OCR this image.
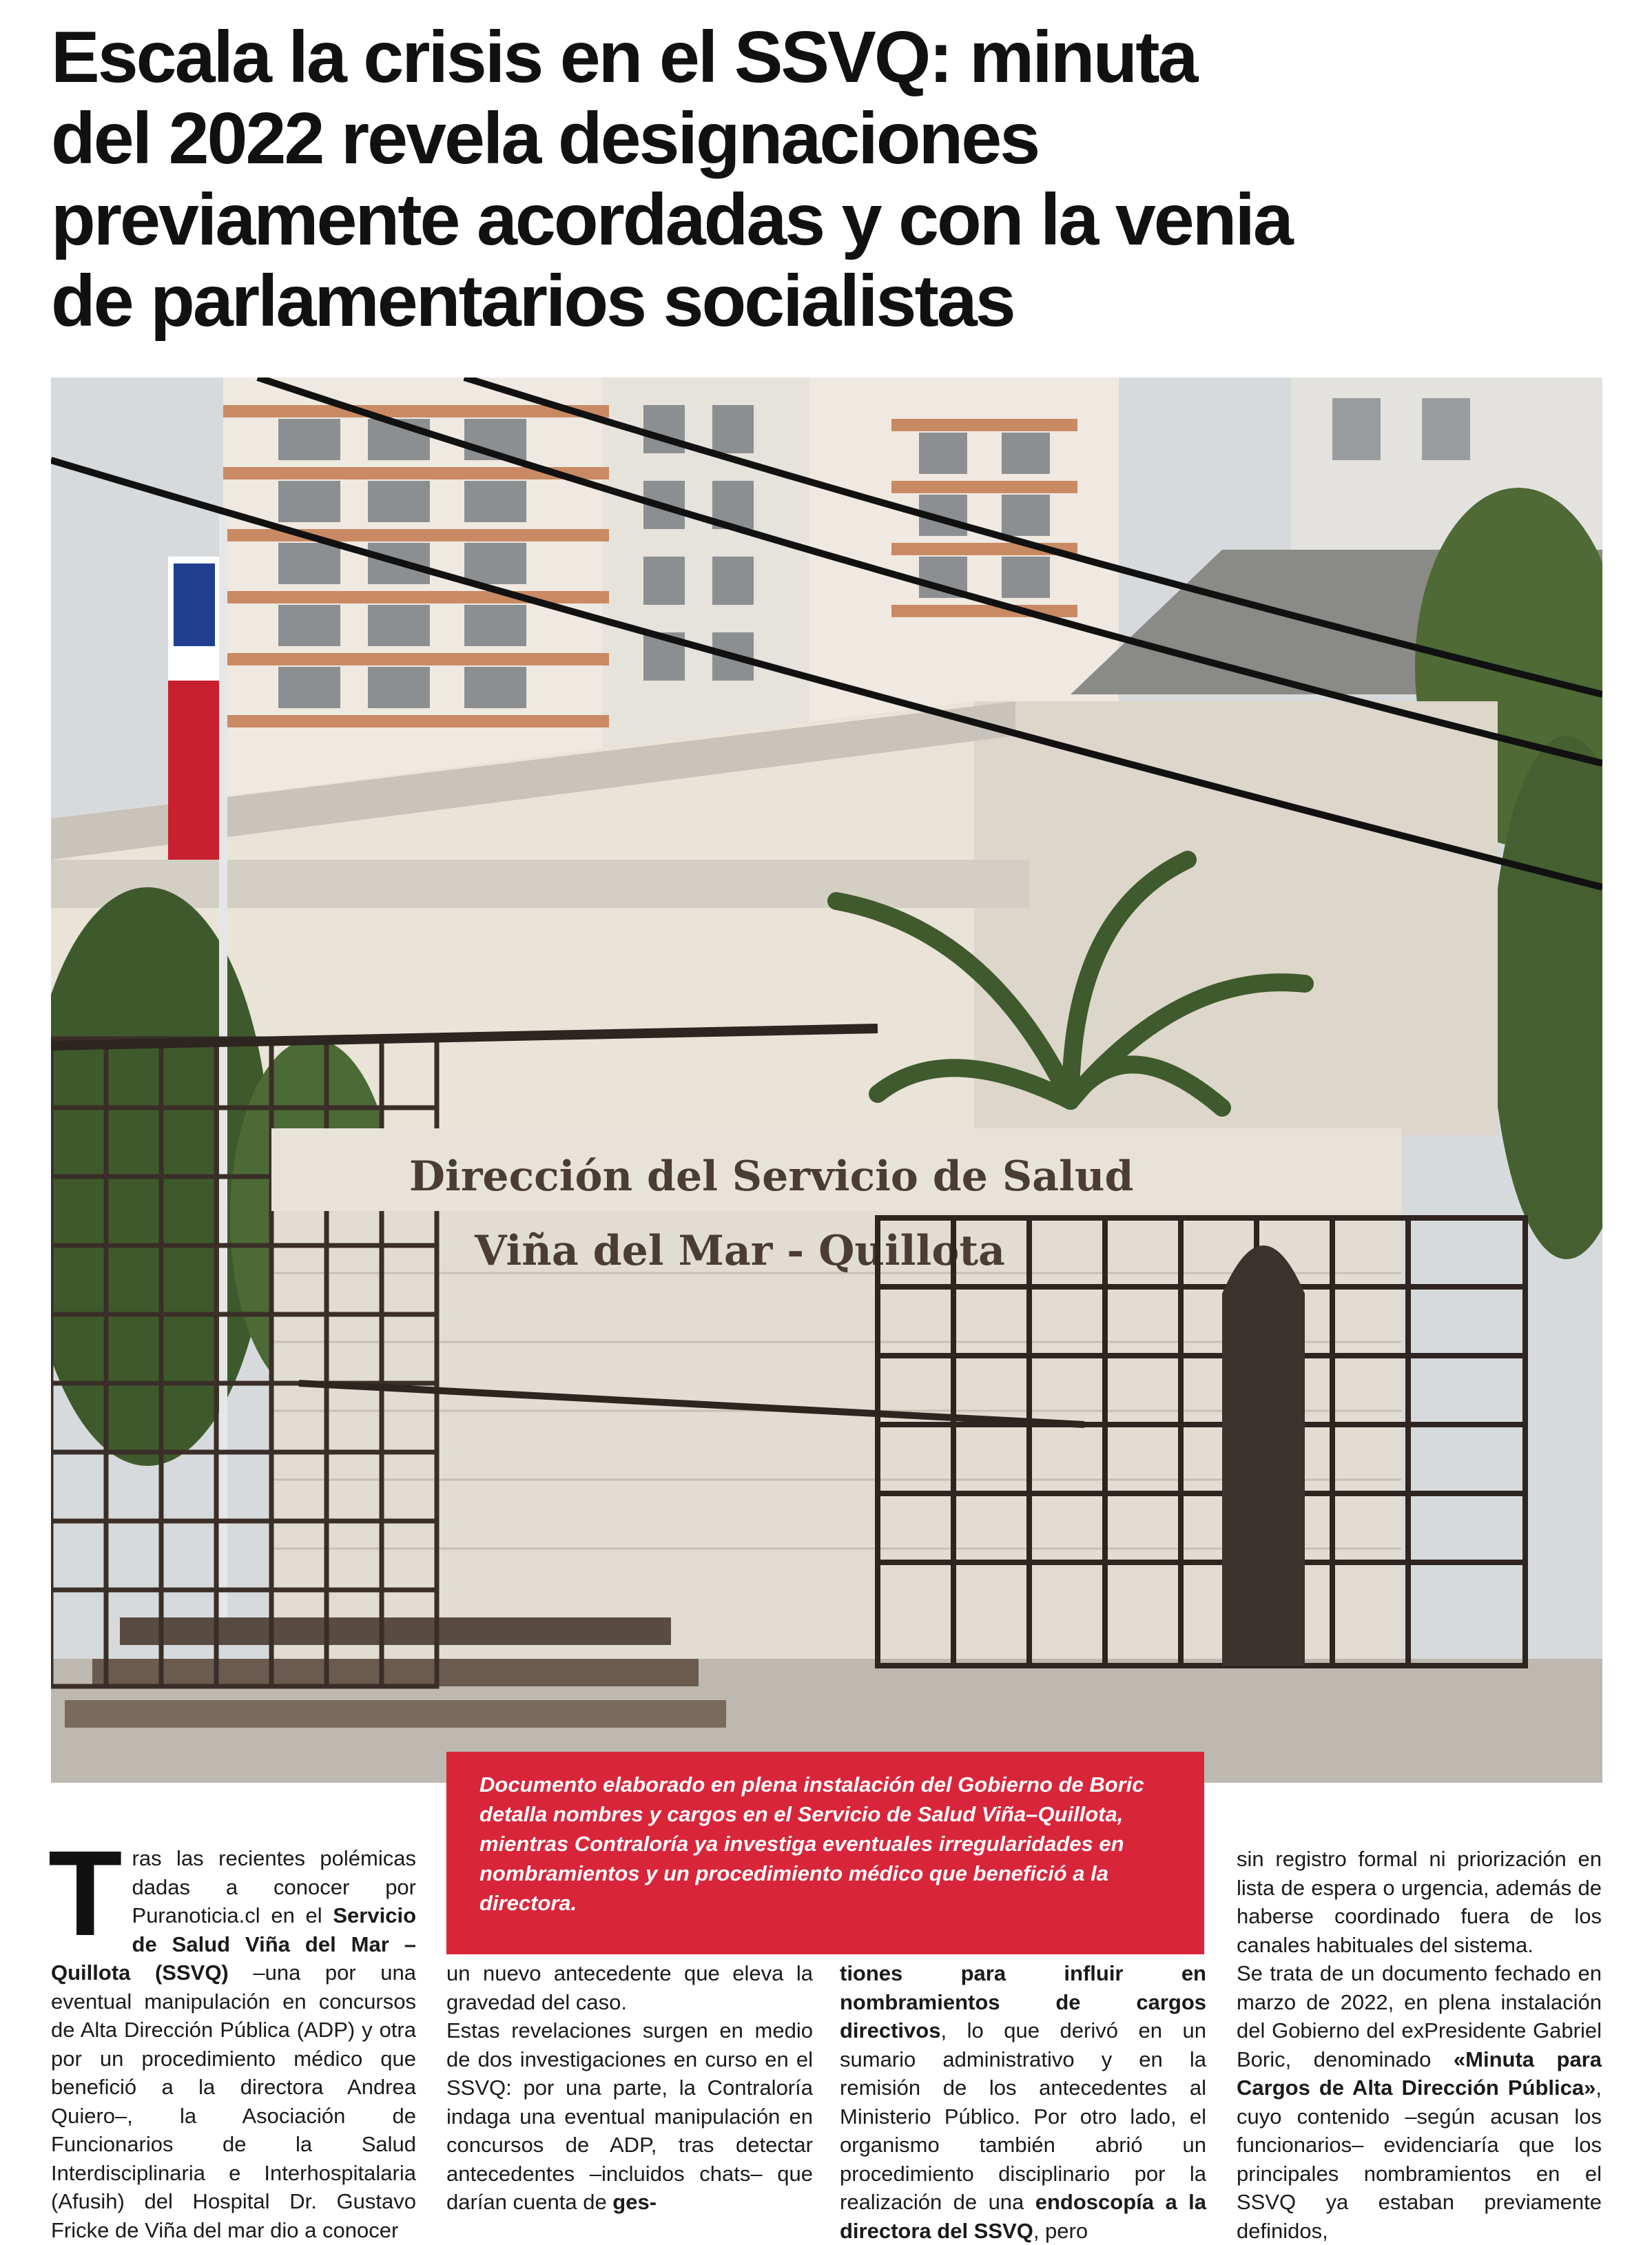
Escala la crisis en el SSVQ: minuta
del 2022 revela designaciones
previamente acordadas y con la venia
de parlamentarios socialistas
Dirección del Servicio de Salud
Viña del Mar - Quillota

Documento elaborado en plena instalación del Gobierno de Boric detalla nombres y cargos en el Servicio de Salud Viña–Quillota, mientras Contraloría ya investiga eventuales irregularidades en nombramientos y un procedimiento médico que benefició a la directora.

T ras las recientes polémicas dadas a conocer por Puranoticia.cl en el Servicio de Salud Viña del Mar – Quillota (SSVQ) –una por una eventual manipulación en concursos de Alta Dirección Pública (ADP) y otra por un procedimiento médico que benefició a la directora Andrea Quiero–, la Asociación de Funcionarios de la Salud Interdisciplinaria e Interhospitalaria (Afusih) del Hospital Dr. Gustavo Fricke de Viña del mar dio a conocer

un nuevo antecedente que eleva la gravedad del caso.

Estas revelaciones surgen en medio de dos investigaciones en curso en el SSVQ: por una parte, la Contraloría indaga una eventual manipulación en concursos de ADP, tras detectar antecedentes –incluidos chats– que darían cuenta de ges-

tiones para influir en nombramientos de cargos directivos, lo que derivó en un sumario administrativo y en la remisión de los antecedentes al Ministerio Público. Por otro lado, el organismo también abrió un procedimiento disciplinario por la realización de una endoscopía a la directora del SSVQ, pero

sin registro formal ni priorización en lista de espera o urgencia, además de haberse coordinado fuera de los canales habituales del sistema.

Se trata de un documento fechado en marzo de 2022, en plena instalación del Gobierno del exPresidente Gabriel Boric, denominado «Minuta para Cargos de Alta Dirección Pública», cuyo contenido –según acusan los funcionarios– evidenciaría que los principales nombramientos en el SSVQ ya estaban previamente definidos,
